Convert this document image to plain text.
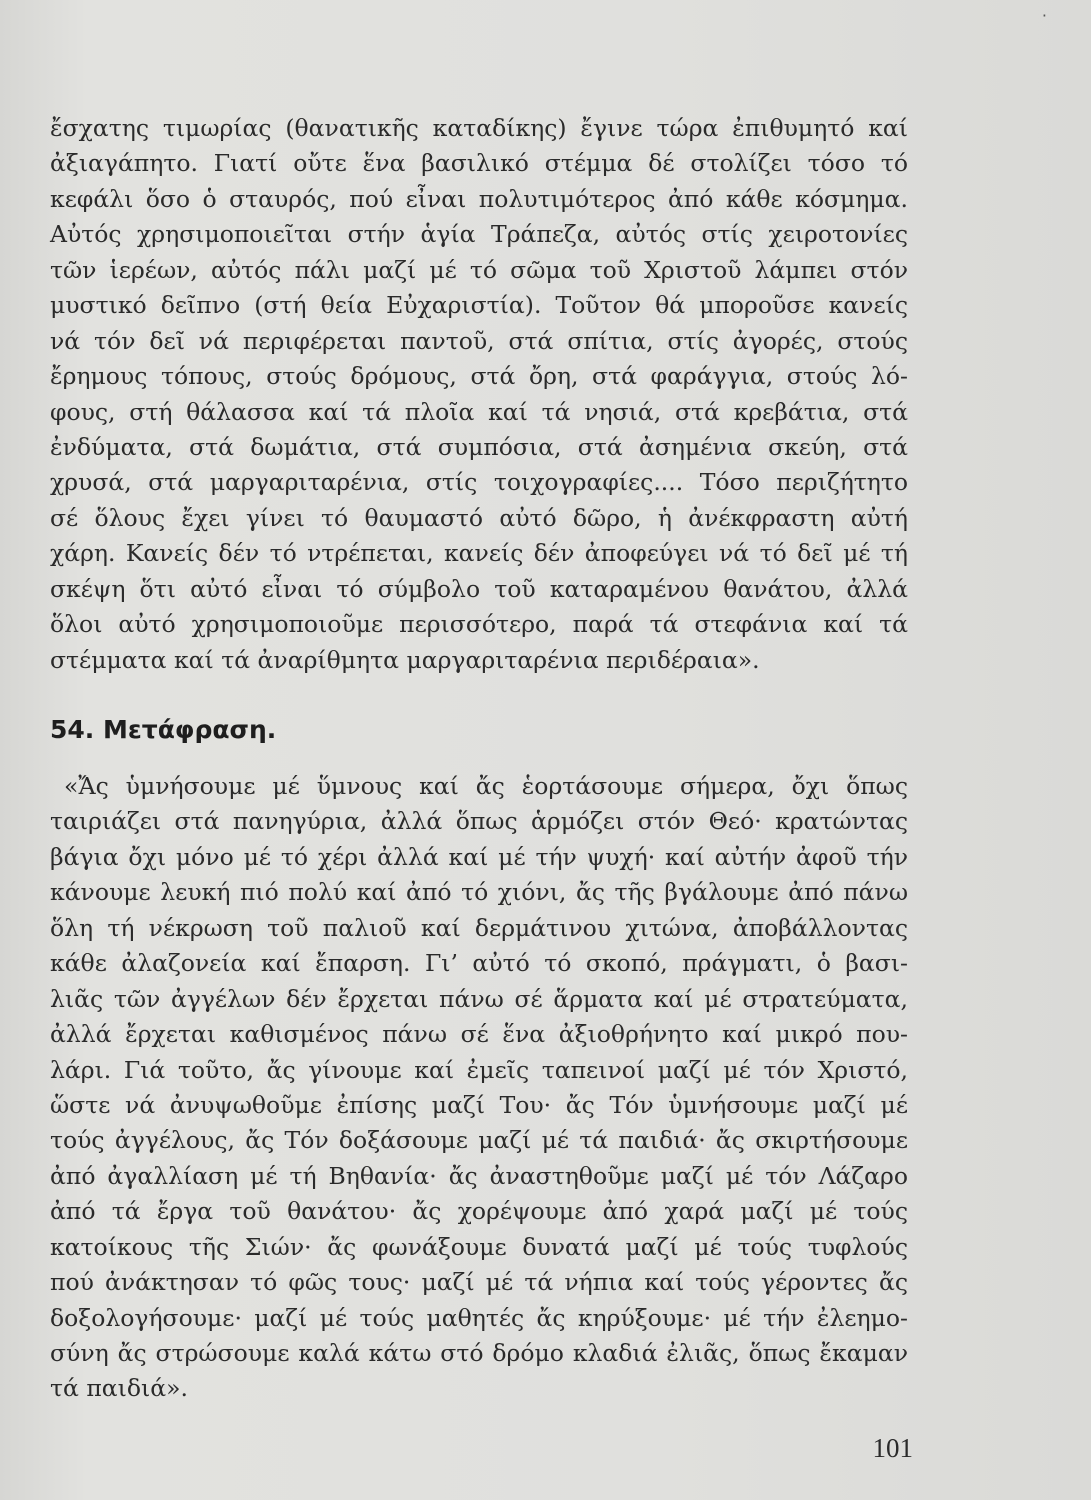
·
ἔσχατης τιμωρίας (θανατικῆς καταδίκης) ἔγινε τώρα ἐπιθυμητό καί
ἀξιαγάπητο. Γιατί οὔτε ἕνα βασιλικό στέμμα δέ στολίζει τόσο τό
κεφάλι ὅσο ὁ σταυρός, πού εἶναι πολυτιμότερος ἀπό κάθε κόσμημα.
Αὐτός χρησιμοποιεῖται στήν ἁγία Τράπεζα, αὐτός στίς χειροτονίες
τῶν ἱερέων, αὐτός πάλι μαζί μέ τό σῶμα τοῦ Χριστοῦ λάμπει στόν
μυστικό δεῖπνο (στή θεία Εὐχαριστία). Τοῦτον θά μποροῦσε κανείς
νά τόν δεῖ νά περιφέρεται παντοῦ, στά σπίτια, στίς ἀγορές, στούς
ἔρημους τόπους, στούς δρόμους, στά ὄρη, στά φαράγγια, στούς λό-
φους, στή θάλασσα καί τά πλοῖα καί τά νησιά, στά κρεβάτια, στά
ἐνδύματα, στά δωμάτια, στά συμπόσια, στά ἀσημένια σκεύη, στά
χρυσά, στά μαργαριταρένια, στίς τοιχογραφίες.... Τόσο περιζήτητο
σέ ὅλους ἔχει γίνει τό θαυμαστό αὐτό δῶρο, ἡ ἀνέκφραστη αὐτή
χάρη. Κανείς δέν τό ντρέπεται, κανείς δέν ἀποφεύγει νά τό δεῖ μέ τή
σκέψη ὅτι αὐτό εἶναι τό σύμβολο τοῦ καταραμένου θανάτου, ἀλλά
ὅλοι αὐτό χρησιμοποιοῦμε περισσότερο, παρά τά στεφάνια καί τά
στέμματα καί τά ἀναρίθμητα μαργαριταρένια περιδέραια».
54. Μετάφραση.
«Ἄς ὑμνήσουμε μέ ὕμνους καί ἄς ἑορτάσουμε σήμερα, ὄχι ὅπως
ταιριάζει στά πανηγύρια, ἀλλά ὅπως ἁρμόζει στόν Θεό· κρατώντας
βάγια ὄχι μόνο μέ τό χέρι ἀλλά καί μέ τήν ψυχή· καί αὐτήν ἀφοῦ τήν
κάνουμε λευκή πιό πολύ καί ἀπό τό χιόνι, ἄς τῆς βγάλουμε ἀπό πάνω
ὅλη τή νέκρωση τοῦ παλιοῦ καί δερμάτινου χιτώνα, ἀποβάλλοντας
κάθε ἀλαζονεία καί ἔπαρση. Γι’ αὐτό τό σκοπό, πράγματι, ὁ βασι-
λιᾶς τῶν ἀγγέλων δέν ἔρχεται πάνω σέ ἅρματα καί μέ στρατεύματα,
ἀλλά ἔρχεται καθισμένος πάνω σέ ἕνα ἀξιοθρήνητο καί μικρό που-
λάρι. Γιά τοῦτο, ἄς γίνουμε καί ἐμεῖς ταπεινοί μαζί μέ τόν Χριστό,
ὥστε νά ἀνυψωθοῦμε ἐπίσης μαζί Του· ἄς Τόν ὑμνήσουμε μαζί μέ
τούς ἀγγέλους, ἄς Τόν δοξάσουμε μαζί μέ τά παιδιά· ἄς σκιρτήσουμε
ἀπό ἀγαλλίαση μέ τή Βηθανία· ἄς ἀναστηθοῦμε μαζί μέ τόν Λάζαρο
ἀπό τά ἔργα τοῦ θανάτου· ἄς χορέψουμε ἀπό χαρά μαζί μέ τούς
κατοίκους τῆς Σιών· ἄς φωνάξουμε δυνατά μαζί μέ τούς τυφλούς
πού ἀνάκτησαν τό φῶς τους· μαζί μέ τά νήπια καί τούς γέροντες ἄς
δοξολογήσουμε· μαζί μέ τούς μαθητές ἄς κηρύξουμε· μέ τήν ἐλεημο-
σύνη ἄς στρώσουμε καλά κάτω στό δρόμο κλαδιά ἐλιᾶς, ὅπως ἔκαμαν
τά παιδιά».
101
